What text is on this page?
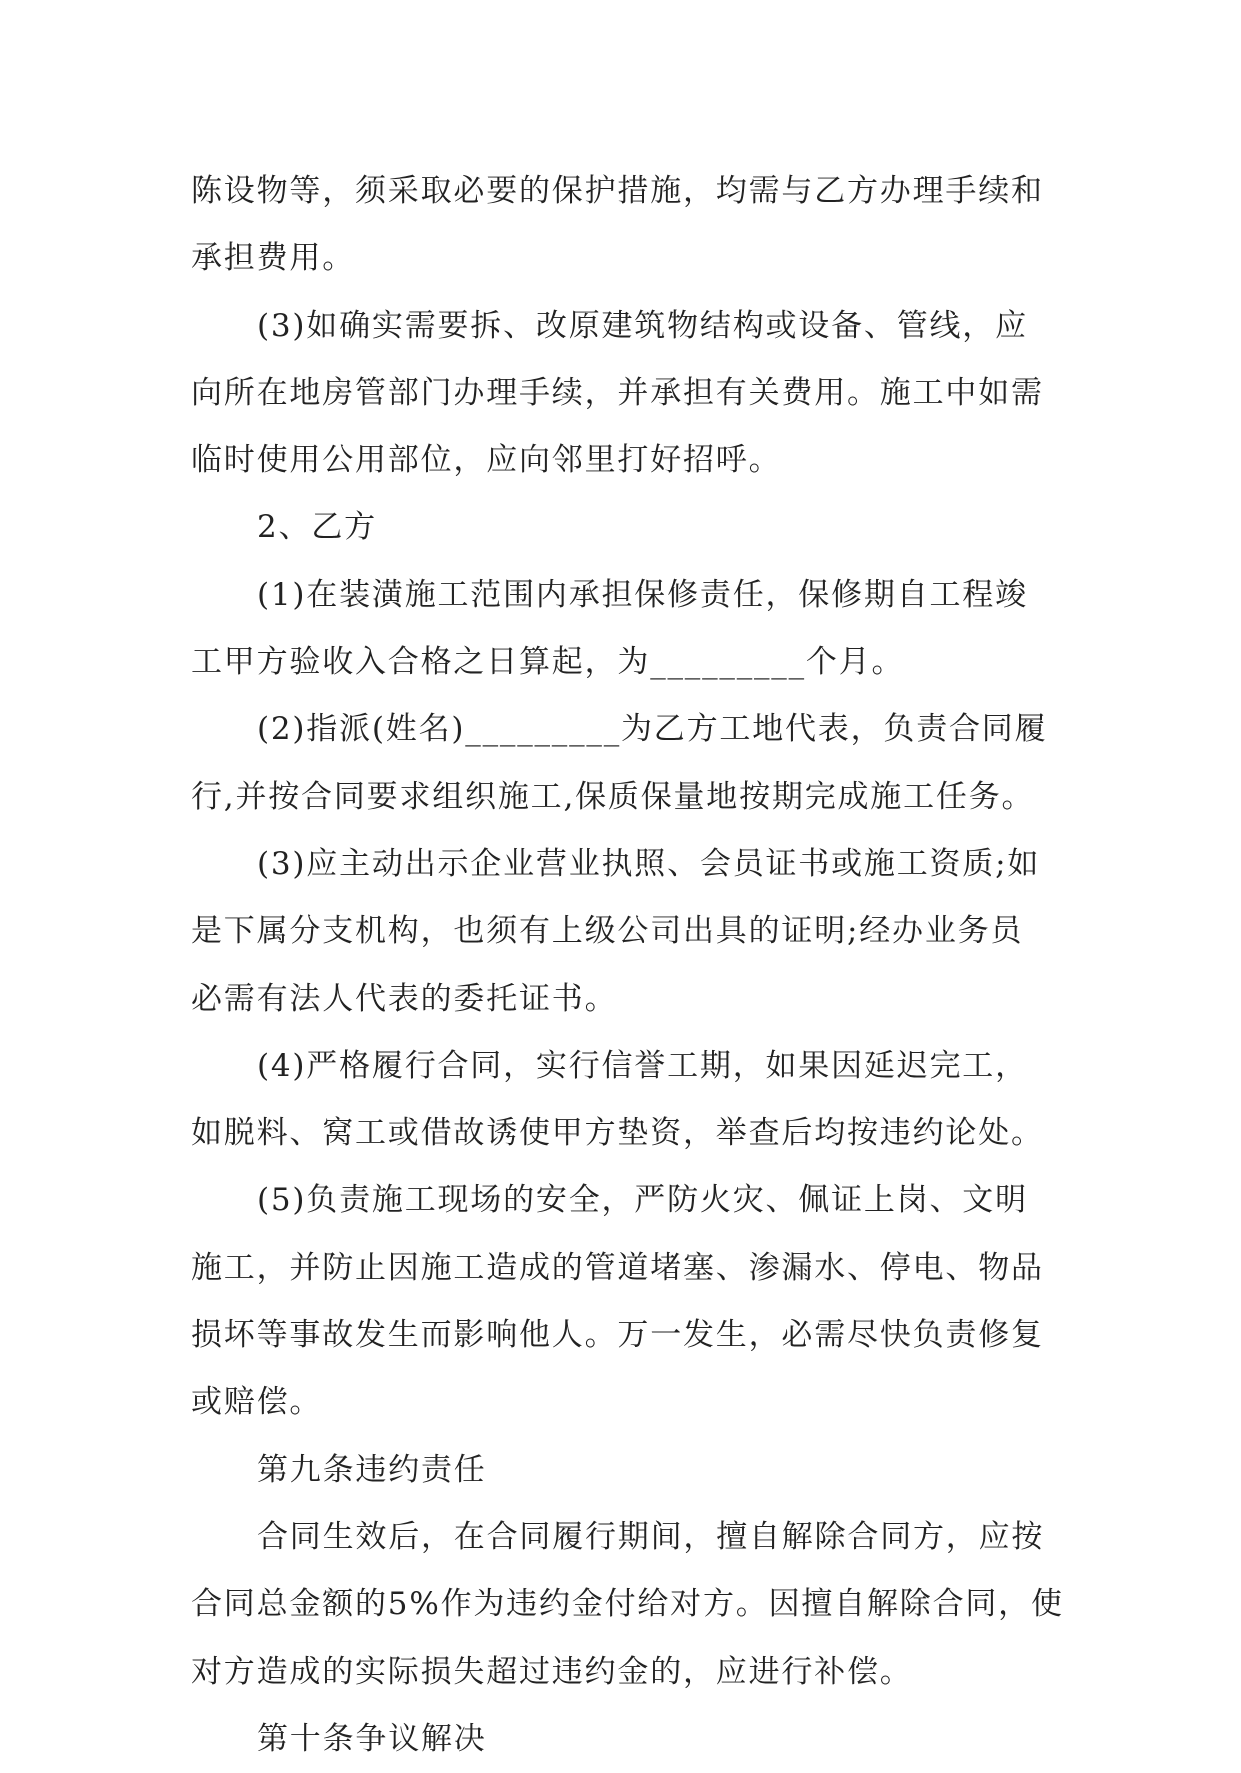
陈设物等，须采取必要的保护措施，均需与乙方办理手续和
承担费用。
(3)如确实需要拆、改原建筑物结构或设备、管线，应
向所在地房管部门办理手续，并承担有关费用。施工中如需
临时使用公用部位，应向邻里打好招呼。
2、乙方
(1)在装潢施工范围内承担保修责任，保修期自工程竣
工甲方验收入合格之日算起，为_________个月。
(2)指派(姓名)_________为乙方工地代表，负责合同履
行,并按合同要求组织施工,保质保量地按期完成施工任务。
(3)应主动出示企业营业执照、会员证书或施工资质;如
是下属分支机构，也须有上级公司出具的证明;经办业务员
必需有法人代表的委托证书。
(4)严格履行合同，实行信誉工期，如果因延迟完工，
如脱料、窝工或借故诱使甲方垫资，举查后均按违约论处。
(5)负责施工现场的安全，严防火灾、佩证上岗、文明
施工，并防止因施工造成的管道堵塞、渗漏水、停电、物品
损坏等事故发生而影响他人。万一发生，必需尽快负责修复
或赔偿。
第九条违约责任
合同生效后，在合同履行期间，擅自解除合同方，应按
合同总金额的5%作为违约金付给对方。因擅自解除合同，使
对方造成的实际损失超过违约金的，应进行补偿。
第十条争议解决
